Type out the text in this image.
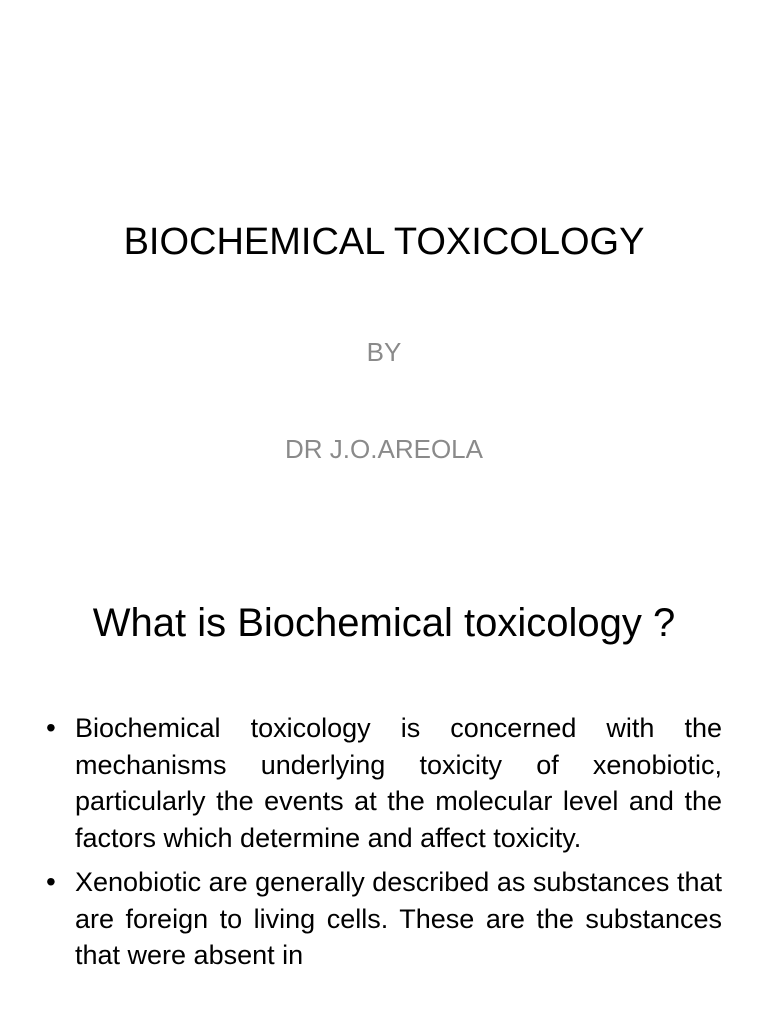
BIOCHEMICAL TOXICOLOGY
BY
DR J.O.AREOLA
What is Biochemical toxicology ?
• Biochemical toxicology is concerned with the mechanisms underlying toxicity of xenobiotic, particularly the events at the molecular level and the factors which determine and affect toxicity.
• Xenobiotic are generally described as substances that are foreign to living cells. These are the substances that were absent in
